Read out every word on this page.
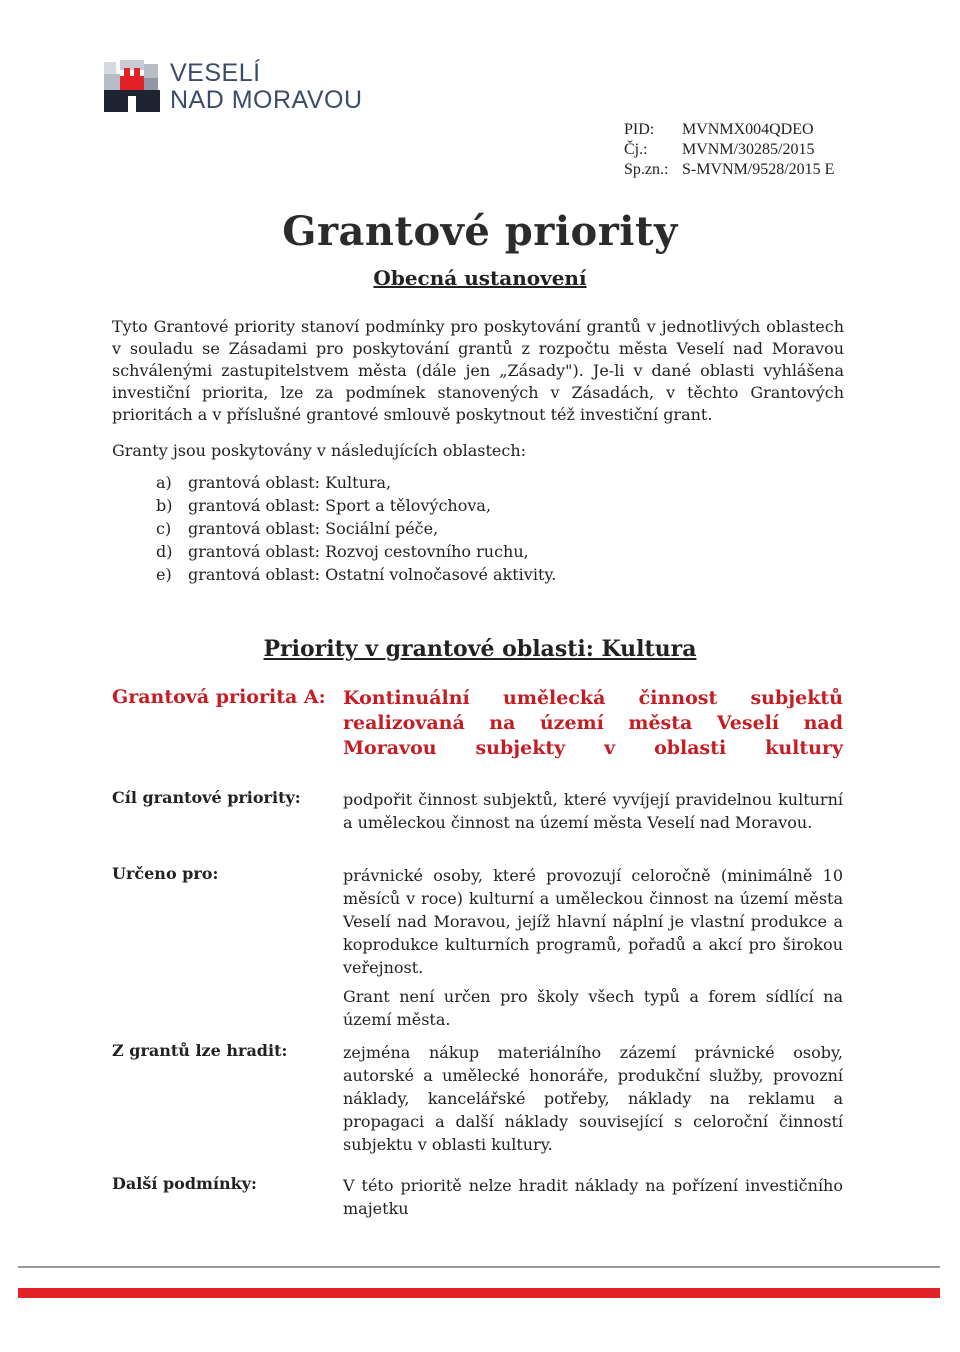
VESELÍ
NAD MORAVOU
PID:	MVNMX004QDEO
Čj.:	MVNM/30285/2015
Sp.zn.: S-MVNM/9528/2015 E
Grantové priority
Obecná ustanovení
Tyto Grantové priority stanoví podmínky pro poskytování grantů v jednotlivých oblastech v souladu se Zásadami pro poskytování grantů z rozpočtu města Veselí nad Moravou schválenými zastupitelstvem města (dále jen „Zásady"). Je-li v dané oblasti vyhlášena investiční priorita, lze za podmínek stanovených v Zásadách, v těchto Grantových prioritách a v příslušné grantové smlouvě poskytnout též investiční grant.
Granty jsou poskytovány v následujících oblastech:
a)	grantová oblast: Kultura,
b) grantová oblast: Sport a tělovýchova,
c)	grantová oblast: Sociální péče,
d) grantová oblast: Rozvoj cestovního ruchu,
e)	grantová oblast: Ostatní volnočasové aktivity.
Priority v grantové oblasti: Kultura
Grantová priorita A: Kontinuální umělecká činnost subjektů realizovaná na území města Veselí nad Moravou subjekty v oblasti kultury
Cíl grantové priority:	podpořit činnost subjektů, které vyvíjejí pravidelnou kulturní a uměleckou činnost na území města Veselí nad Moravou.
Určeno pro:	právnické osoby, které provozují celoročně (minimálně 10 měsíců v roce) kulturní a uměleckou činnost na území města Veselí nad Moravou, jejíž hlavní náplní je vlastní produkce a koprodukce kulturních programů, pořadů a akcí pro širokou veřejnost.
Grant není určen pro školy všech typů a forem sídlící na území města.
Z grantů lze hradit:	zejména nákup materiálního zázemí právnické osoby, autorské a umělecké honoráře, produkční služby, provozní náklady, kancelářské potřeby, náklady na reklamu a propagaci a další náklady související s celoroční činností subjektu v oblasti kultury.
Další podmínky:	V této prioritě nelze hradit náklady na pořízení investičního majetku
